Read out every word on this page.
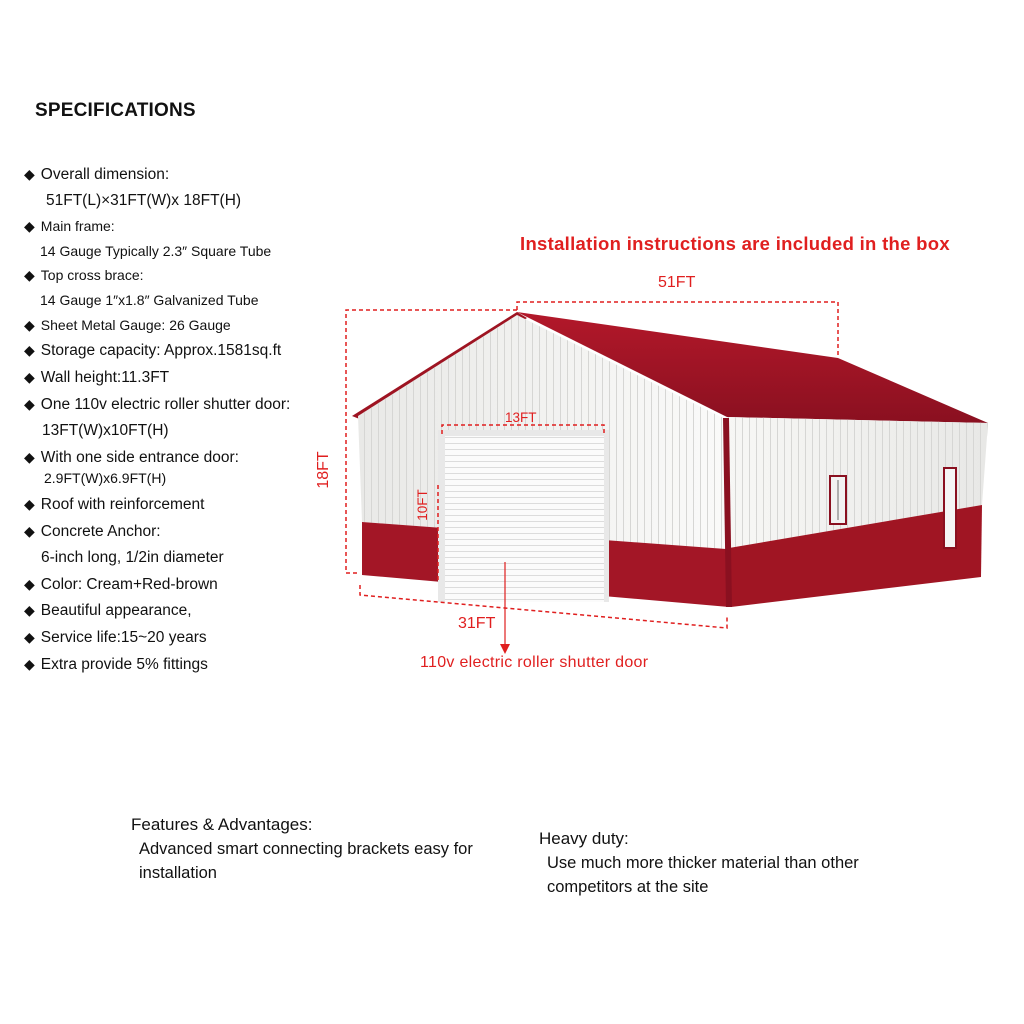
SPECIFICATIONS
◆ Overall dimension:
51FT(L)×31FT(W)x 18FT(H)
◆ Main frame:
14 Gauge Typically 2.3″ Square Tube
◆ Top cross brace:
14 Gauge 1″x1.8″ Galvanized Tube
◆ Sheet Metal Gauge: 26 Gauge
◆ Storage capacity: Approx.1581sq.ft
◆ Wall height:11.3FT
◆ One 110v electric roller shutter door:
13FT(W)x10FT(H)
◆ With one side entrance door:
2.9FT(W)x6.9FT(H)
◆ Roof with reinforcement
◆ Concrete Anchor:
6-inch long, 1/2in diameter
◆ Color: Cream+Red-brown
◆ Beautiful appearance,
◆ Service life:15~20 years
◆ Extra provide 5% fittings
Installation instructions are included in the box
51FT
31FT
110v electric roller shutter door
13FT
18FT
10FT
Features & Advantages:
Advanced smart connecting brackets easy for installation
Heavy duty:
Use much more thicker material than other competitors at the site
